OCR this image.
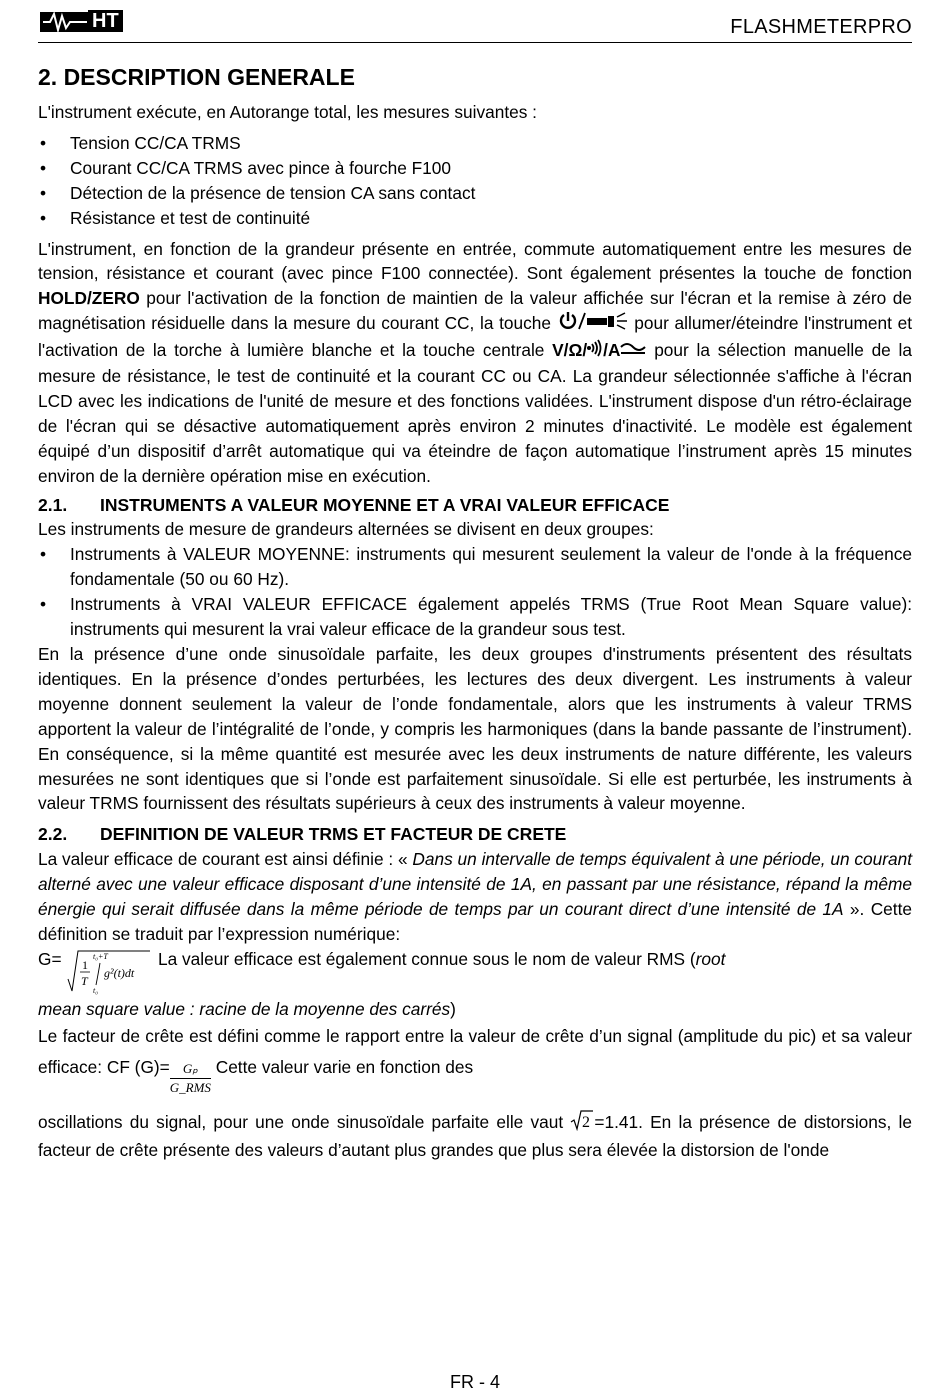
HT	FLASHMETERPRO
2. DESCRIPTION GENERALE

L'instrument exécute, en Autorange total, les mesures suivantes :

• Tension CC/CA TRMS
• Courant CC/CA TRMS avec pince à fourche F100
• Détection de la présence de tension CA sans contact
• Résistance et test de continuité

L'instrument, en fonction de la grandeur présente en entrée, commute automatiquement entre les mesures de tension, résistance et courant (avec pince F100 connectée). Sont également présentes la touche de fonction HOLD/ZERO pour l'activation de la fonction de maintien de la valeur affichée sur l'écran et la remise à zéro de magnétisation résiduelle dans la mesure du courant CC, la touche	pour allumer/éteindre l'instrument et l'activation de la torche à lumière blanche et la touche centrale V/Ω/ /A pour la sélection manuelle de la mesure de résistance, le test de continuité et la courant CC ou CA. La grandeur sélectionnée s'affiche à l'écran LCD avec les indications de l'unité de mesure et des fonctions validées. L'instrument dispose d'un rétro-éclairage de l'écran qui se désactive automatiquement après environ 2 minutes d'inactivité. Le modèle est également équipé d’un dispositif d’arrêt automatique qui va éteindre de façon automatique l’instrument après 15 minutes environ de la dernière opération mise en exécution.

2.1. INSTRUMENTS A VALEUR MOYENNE ET A VRAI VALEUR EFFICACE

Les instruments de mesure de grandeurs alternées se divisent en deux groupes:

• Instruments à VALEUR MOYENNE: instruments qui mesurent seulement la valeur de l'onde à la fréquence fondamentale (50 ou 60 Hz).
• Instruments à VRAI VALEUR EFFICACE également appelés TRMS (True Root Mean Square value): instruments qui mesurent la vrai valeur efficace de la grandeur sous test.

En la présence d’une onde sinusoïdale parfaite, les deux groupes d'instruments présentent des résultats identiques. En la présence d’ondes perturbées, les lectures des deux divergent. Les instruments à valeur moyenne donnent seulement la valeur de l’onde fondamentale, alors que les instruments à valeur TRMS apportent la valeur de l’intégralité de l’onde, y compris les harmoniques (dans la bande passante de l’instrument). En conséquence, si la même quantité est mesurée avec les deux instruments de nature différente, les valeurs mesurées ne sont identiques que si l’onde est parfaitement sinusoïdale. Si elle est perturbée, les instruments à valeur TRMS fournissent des résultats supérieurs à ceux des instruments à valeur moyenne.

2.2. DEFINITION DE VALEUR TRMS ET FACTEUR DE CRETE

La valeur efficace de courant est ainsi définie : « Dans un intervalle de temps équivalent à une période, un courant alterné avec une valeur efficace disposant d’une intensité de 1A, en passant par une résistance, répand la même énergie qui serait diffusée dans la même période de temps par un courant direct d’une intensité de 1A ». Cette définition se traduit par l’expression numérique:

G= 1
T
t₀+T
t₀
g²(t)dt
La valeur efficace est également connue sous le nom de valeur RMS (root

mean square value : racine de la moyenne des carrés)

Le facteur de crête est défini comme le rapport entre la valeur de crête d’un signal (amplitude du pic) et sa valeur efficace: CF $(G)= \frac{\text{Gₚ}}{\text{G\_RMS}}$ Cette valeur varie en fonction des

oscillations du signal, pour une onde sinusoïdale parfaite elle vaut 2 =1.41. En la présence de distorsions, le facteur de crête présente des valeurs d’autant plus grandes que plus sera élevée la distorsion de l'onde

FR - 4
